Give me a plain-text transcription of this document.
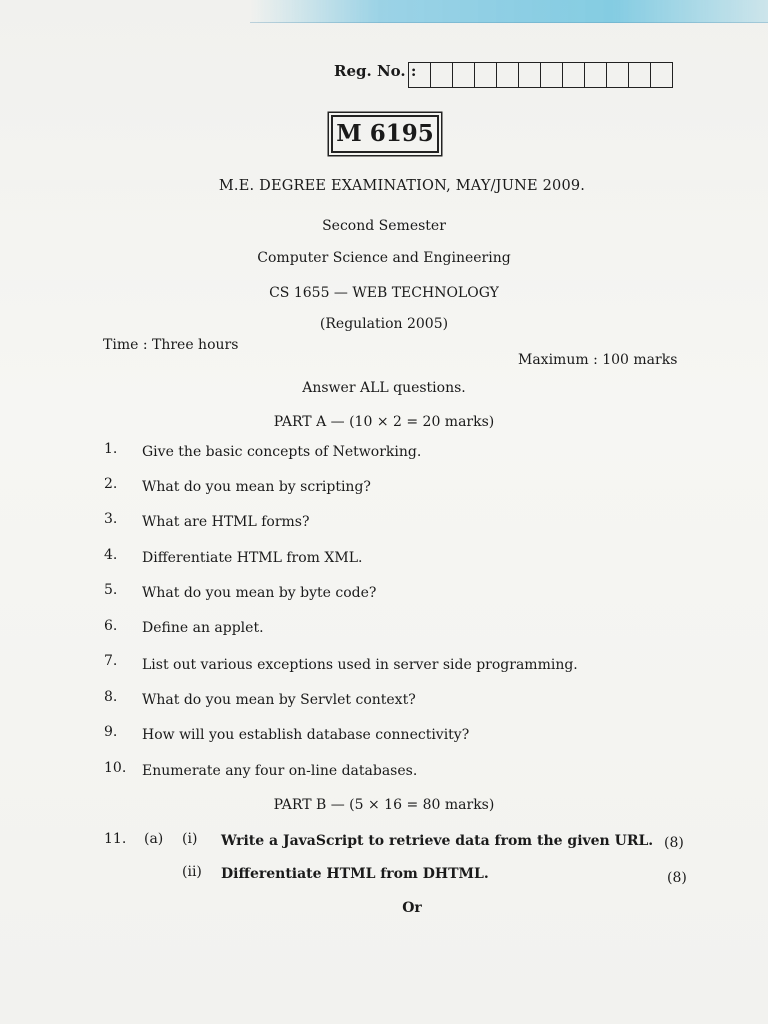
Reg. No. :
M 6195
M.E. DEGREE EXAMINATION, MAY/JUNE 2009.
Second Semester
Computer Science and Engineering
CS 1655 — WEB TECHNOLOGY
(Regulation 2005)
Time : Three hours
Maximum : 100 marks
Answer ALL questions.
PART A — (10 × 2 = 20 marks)
1. Give the basic concepts of Networking.
2. What do you mean by scripting?
3. What are HTML forms?
4. Differentiate HTML from XML.
5. What do you mean by byte code?
6. Define an applet.
7. List out various exceptions used in server side programming.
8. What do you mean by Servlet context?
9. How will you establish database connectivity?
10. Enumerate any four on-line databases.
PART B — (5 × 16 = 80 marks)
11. (a) (i) Write a JavaScript to retrieve data from the given URL. (8)
(ii) Differentiate HTML from DHTML.	(8)
Or
